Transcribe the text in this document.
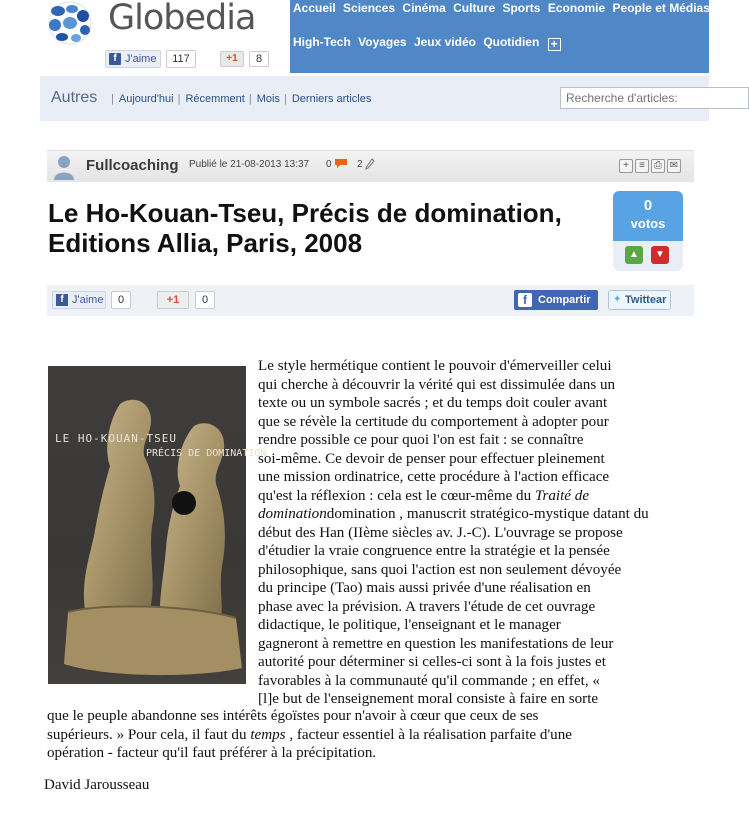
Globedia
f J'aime	117	+1	8
Accueil Sciences Cinéma Culture Sports Economie People et Médias Int
High-Tech Voyages Jeux vidéo Quotidien +
Autres | Aujourd'hui | Récemment | Mois | Derniers articles
Recherche d'articles:
Fullcoaching Publié le 21-08-2013 13:37 0	2	+ ≡ ⎙ ✉
Le Ho-Kouan-Tseu, Précis de domination,
Editions Allia, Paris, 2008
0
votos
▲	▼
f J'aime	0	+1	0	f	Compartir	✦ Twittear
LE HO-KOUAN-TSEU
PRÉCIS DE DOMINATION
Le style hermétique contient le pouvoir d'émerveiller celui
qui cherche à découvrir la vérité qui est dissimulée dans un
texte ou un symbole sacrés ; et du temps doit couler avant
que se révèle la certitude du comportement à adopter pour
rendre possible ce pour quoi l'on est fait : se connaître
soi-même. Ce devoir de penser pour effectuer pleinement
une mission ordinatrice, cette procédure à l'action efficace
qu'est la réflexion : cela est le cœur-même du Traité de
dominationdomination , manuscrit stratégico-mystique datant du
début des Han (IIème siècles av. J.-C). L'ouvrage se propose
d'étudier la vraie congruence entre la stratégie et la pensée
philosophique, sans quoi l'action est non seulement dévoyée
du principe (Tao) mais aussi privée d'une réalisation en
phase avec la prévision. A travers l'étude de cet ouvrage
didactique, le politique, l'enseignant et le manager
gagneront à remettre en question les manifestations de leur
autorité pour déterminer si celles-ci sont à la fois justes et
favorables à la communauté qu'il commande ; en effet, «
[l]e but de l'enseignement moral consiste à faire en sorte
que le peuple abandonne ses intérêts égoïstes pour n'avoir à cœur que ceux de ses
supérieurs. » Pour cela, il faut du temps , facteur essentiel à la réalisation parfaite d'une
opération - facteur qu'il faut préférer à la précipitation.
David Jarousseau
